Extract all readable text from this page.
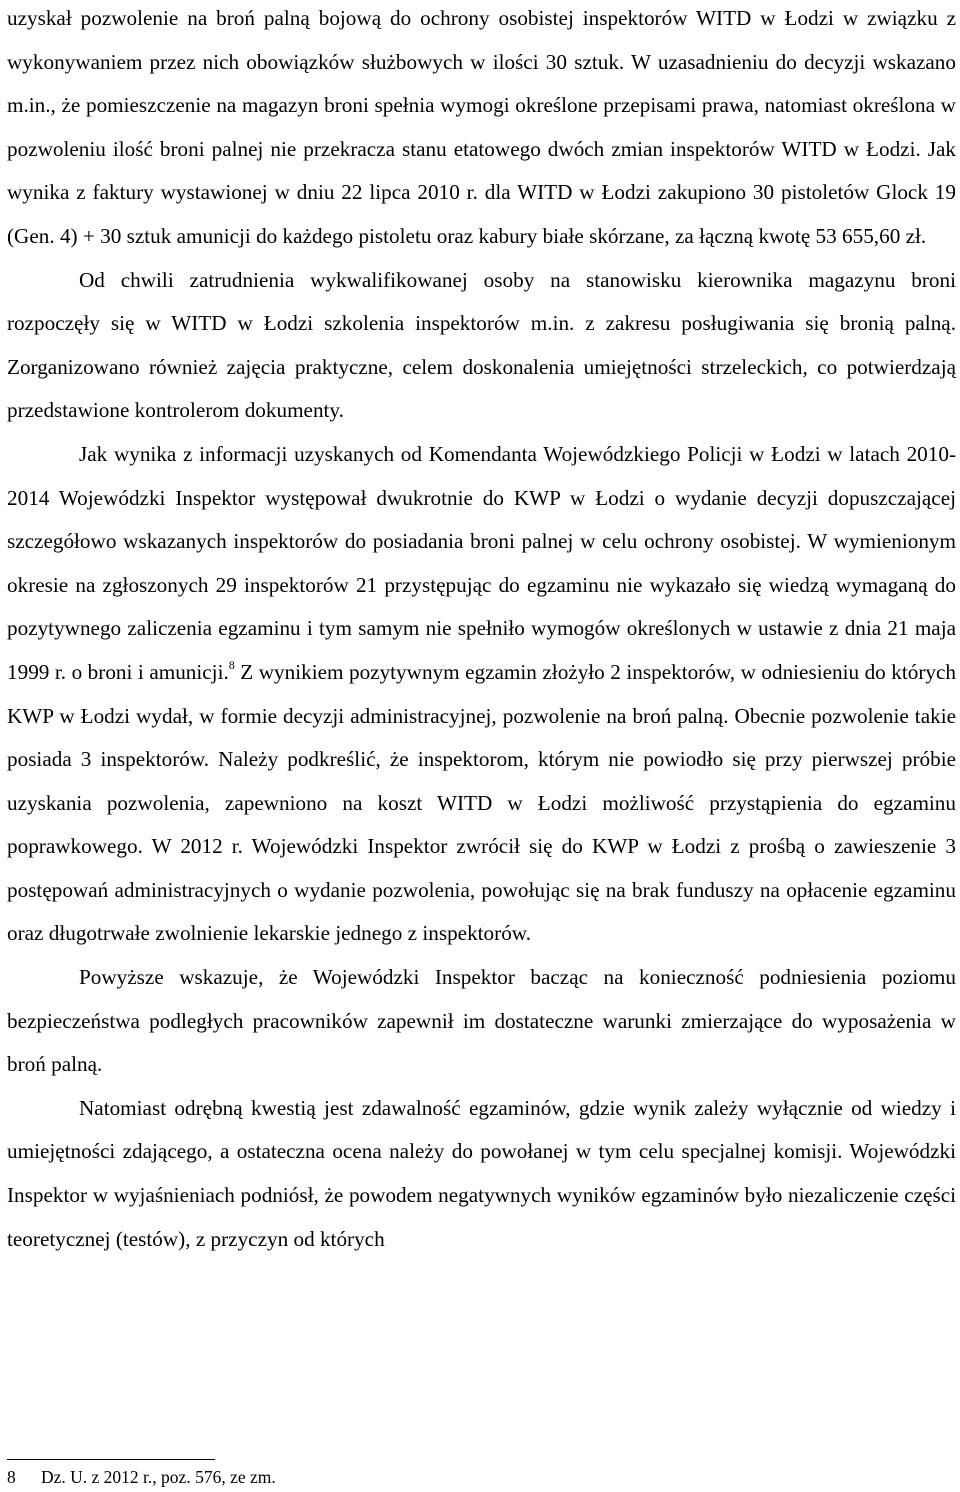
uzyskał pozwolenie na broń palną bojową do ochrony osobistej inspektorów WITD w Łodzi w związku z wykonywaniem przez nich obowiązków służbowych w ilości 30 sztuk. W uzasadnieniu do decyzji wskazano m.in., że pomieszczenie na magazyn broni spełnia wymogi określone przepisami prawa, natomiast określona w pozwoleniu ilość broni palnej nie przekracza stanu etatowego dwóch zmian inspektorów WITD w Łodzi. Jak wynika z faktury wystawionej w dniu 22 lipca 2010 r. dla WITD w Łodzi zakupiono 30 pistoletów Glock 19 (Gen. 4) + 30 sztuk amunicji do każdego pistoletu oraz kabury białe skórzane, za łączną kwotę 53 655,60 zł.

Od chwili zatrudnienia wykwalifikowanej osoby na stanowisku kierownika magazynu broni rozpoczęły się w WITD w Łodzi szkolenia inspektorów m.in. z zakresu posługiwania się bronią palną. Zorganizowano również zajęcia praktyczne, celem doskonalenia umiejętności strzeleckich, co potwierdzają przedstawione kontrolerom dokumenty.

Jak wynika z informacji uzyskanych od Komendanta Wojewódzkiego Policji w Łodzi w latach 2010-2014 Wojewódzki Inspektor występował dwukrotnie do KWP w Łodzi o wydanie decyzji dopuszczającej szczegółowo wskazanych inspektorów do posiadania broni palnej w celu ochrony osobistej. W wymienionym okresie na zgłoszonych 29 inspektorów 21 przystępując do egzaminu nie wykazało się wiedzą wymaganą do pozytywnego zaliczenia egzaminu i tym samym nie spełniło wymogów określonych w ustawie z dnia 21 maja 1999 r. o broni i amunicji.$^8$ Z wynikiem pozytywnym egzamin złożyło 2 inspektorów, w odniesieniu do których KWP w Łodzi wydał, w formie decyzji administracyjnej, pozwolenie na broń palną. Obecnie pozwolenie takie posiada 3 inspektorów. Należy podkreślić, że inspektorom, którym nie powiodło się przy pierwszej próbie uzyskania pozwolenia, zapewniono na koszt WITD w Łodzi możliwość przystąpienia do egzaminu poprawkowego. W 2012 r. Wojewódzki Inspektor zwrócił się do KWP w Łodzi z prośbą o zawieszenie 3 postępowań administracyjnych o wydanie pozwolenia, powołując się na brak funduszy na opłacenie egzaminu oraz długotrwałe zwolnienie lekarskie jednego z inspektorów.

Powyższe wskazuje, że Wojewódzki Inspektor bacząc na konieczność podniesienia poziomu bezpieczeństwa podległych pracowników zapewnił im dostateczne warunki zmierzające do wyposażenia w broń palną.

Natomiast odrębną kwestią jest zdawalność egzaminów, gdzie wynik zależy wyłącznie od wiedzy i umiejętności zdającego, a ostateczna ocena należy do powołanej w tym celu specjalnej komisji. Wojewódzki Inspektor w wyjaśnieniach podniósł, że powodem negatywnych wyników egzaminów było niezaliczenie części teoretycznej (testów), z przyczyn od których

8 Dz. U. z 2012 r., poz. 576, ze zm.
